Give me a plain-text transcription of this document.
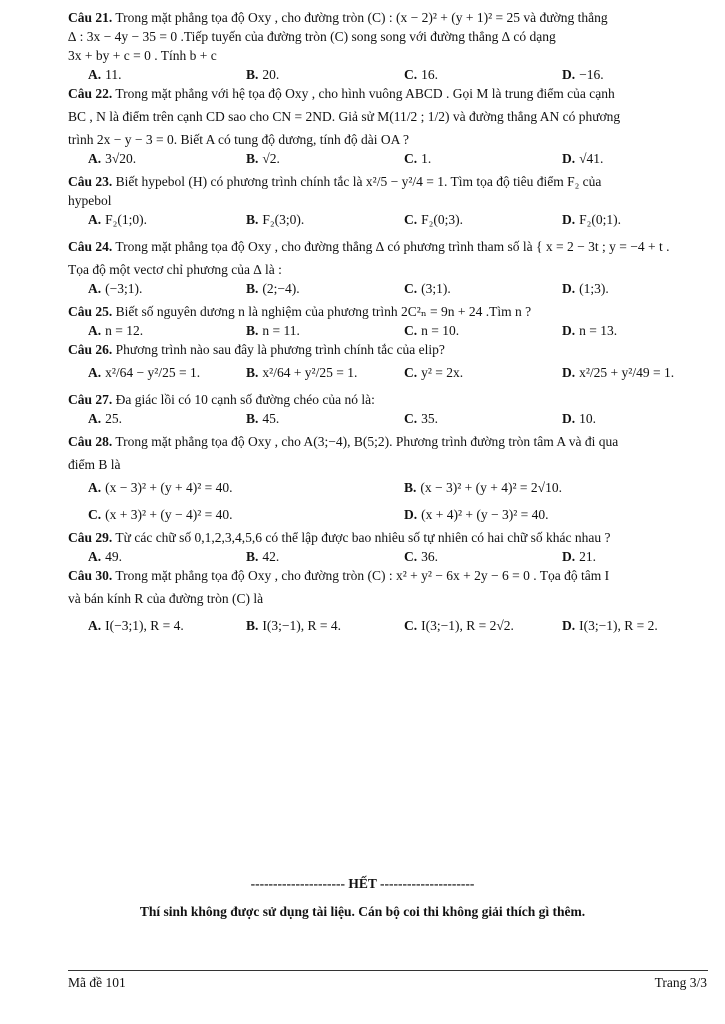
Câu 21. Trong mặt phẳng tọa độ Oxy , cho đường tròn (C) : (x − 2)² + (y + 1)² = 25 và đường thẳng

∆ : 3x − 4y − 35 = 0 .Tiếp tuyến của đường tròn (C) song song với đường thẳng ∆ có dạng

3x + by + c = 0 . Tính b + c

A. 11.	B. 20.	C. 16.	D. −16.

Câu 22. Trong mặt phẳng với hệ tọa độ Oxy , cho hình vuông ABCD . Gọi M là trung điểm của cạnh

BC , N là điểm trên cạnh CD sao cho CN = 2ND. Giả sử M(11/2 ; 1/2) và đường thẳng AN có phương

trình 2x − y − 3 = 0. Biết A có tung độ dương, tính độ dài OA ?

A. 3√20.	B. √2.	C. 1.	D. √41.

Câu 23. Biết hypebol (H) có phương trình chính tắc là x²/5 − y²/4 = 1. Tìm tọa độ tiêu điểm F₂ của

hypebol

A. F₂(1;0).	B. F₂(3;0).	C. F₂(0;3).	D. F₂(0;1).

Câu 24. Trong mặt phẳng tọa độ Oxy , cho đường thẳng ∆ có phương trình tham số là { x = 2 − 3t ; y = −4 + t .

Tọa độ một vectơ chỉ phương của ∆ là :

A. (−3;1).	B. (2;−4).	C. (3;1).	D. (1;3).

Câu 25. Biết số nguyên dương n là nghiệm của phương trình 2C²ₙ = 9n + 24 .Tìm n ?

A. n = 12.	B. n = 11.	C. n = 10.	D. n = 13.

Câu 26. Phương trình nào sau đây là phương trình chính tắc của elip?

A. x²/64 − y²/25 = 1.	B. x²/64 + y²/25 = 1.	C. y² = 2x.	D. x²/25 + y²/49 = 1.

Câu 27. Đa giác lồi có 10 cạnh số đường chéo của nó là:

A. 25.	B. 45.	C. 35.	D. 10.

Câu 28. Trong mặt phẳng tọa độ Oxy , cho A(3;−4), B(5;2). Phương trình đường tròn tâm A và đi qua

điểm B là

A. (x − 3)² + (y + 4)² = 40.	B. (x − 3)² + (y + 4)² = 2√10.
C. (x + 3)² + (y − 4)² = 40.	D. (x + 4)² + (y − 3)² = 40.

Câu 29. Từ các chữ số 0,1,2,3,4,5,6 có thể lập được bao nhiêu số tự nhiên có hai chữ số khác nhau ?

A. 49.	B. 42.	C. 36.	D. 21.

Câu 30. Trong mặt phẳng tọa độ Oxy , cho đường tròn (C) : x² + y² − 6x + 2y − 6 = 0 . Tọa độ tâm I

và bán kính R của đường tròn (C) là

A. I(−3;1), R = 4.	B. I(3;−1), R = 4.	C. I(3;−1), R = 2√2.	D. I(3;−1), R = 2.
--------------------- HẾT ---------------------
Thí sinh không được sử dụng tài liệu. Cán bộ coi thi không giải thích gì thêm.
Mã đề 101	Trang 3/3
